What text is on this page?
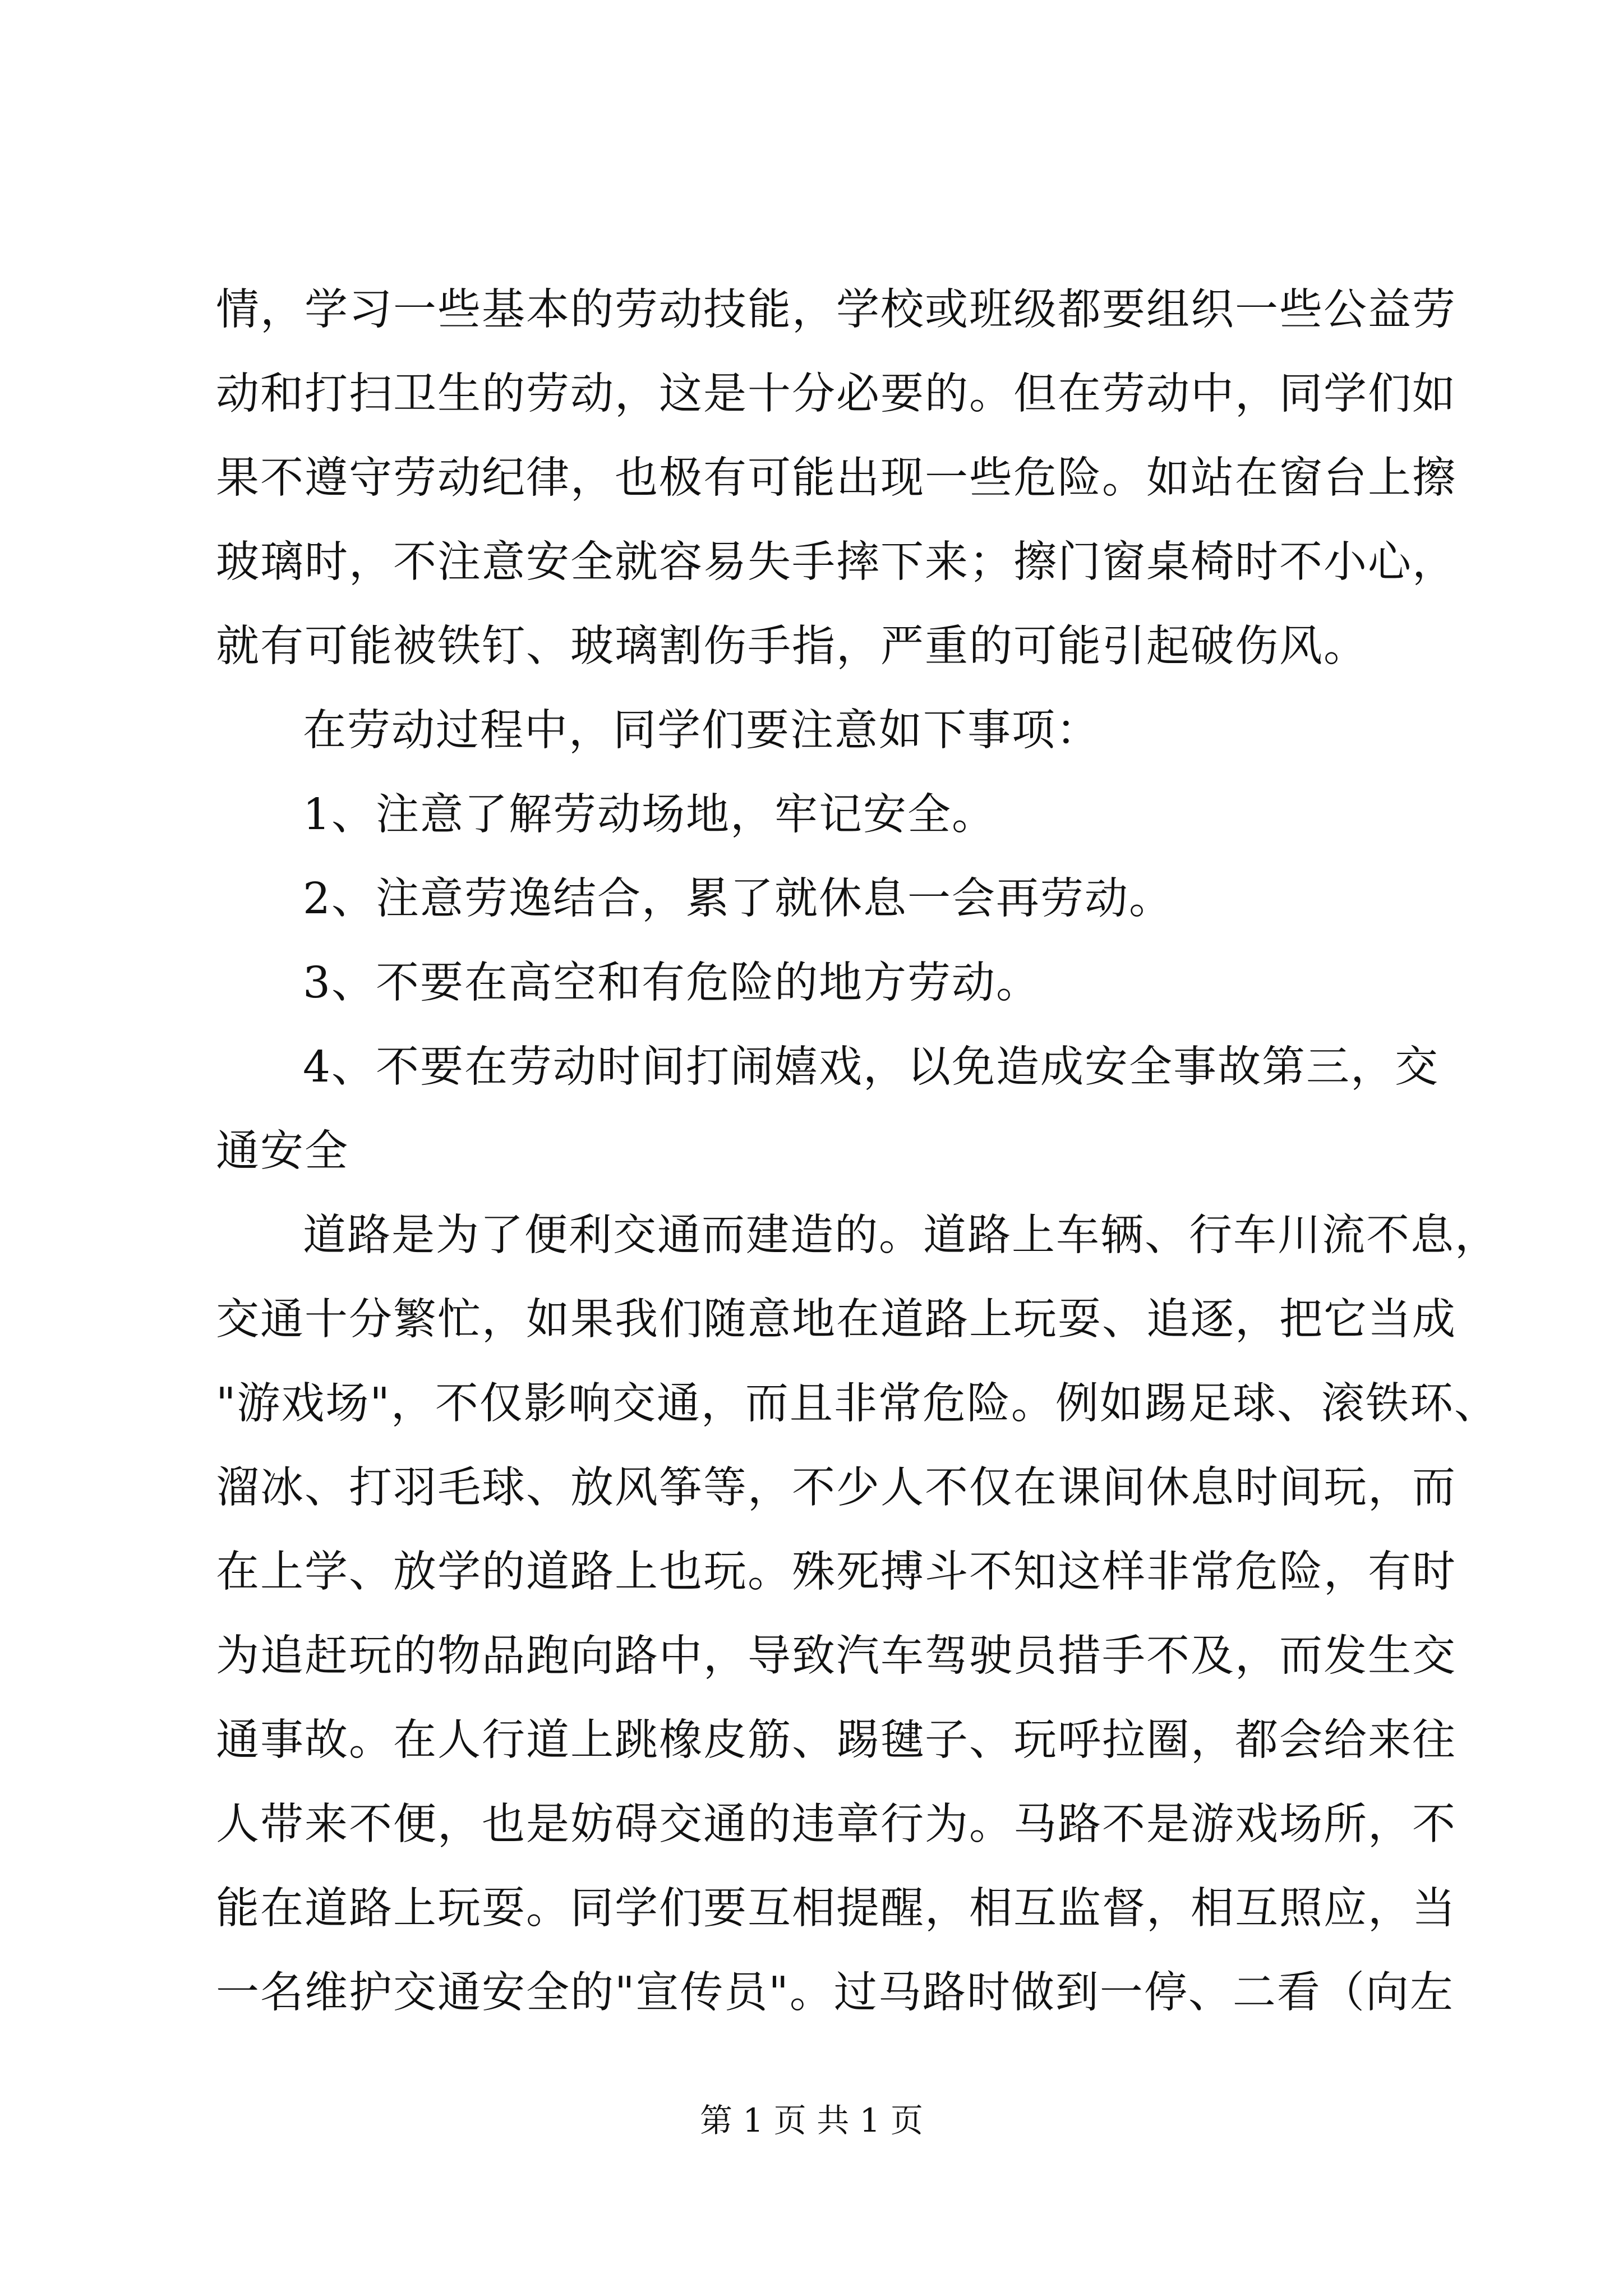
情，学习一些基本的劳动技能，学校或班级都要组织一些公益劳
动和打扫卫生的劳动，这是十分必要的。但在劳动中，同学们如
果不遵守劳动纪律，也极有可能出现一些危险。如站在窗台上擦
玻璃时，不注意安全就容易失手摔下来；擦门窗桌椅时不小心，
就有可能被铁钉、玻璃割伤手指，严重的可能引起破伤风。
在劳动过程中，同学们要注意如下事项：
1、注意了解劳动场地，牢记安全。
2、注意劳逸结合，累了就休息一会再劳动。
3、不要在高空和有危险的地方劳动。
4、不要在劳动时间打闹嬉戏，以免造成安全事故第三，交
通安全
道路是为了便利交通而建造的。道路上车辆、行车川流不息，
交通十分繁忙，如果我们随意地在道路上玩耍、追逐，把它当成
"游戏场"，不仅影响交通，而且非常危险。例如踢足球、滚铁环、
溜冰、打羽毛球、放风筝等，不少人不仅在课间休息时间玩，而
在上学、放学的道路上也玩。殊死搏斗不知这样非常危险，有时
为追赶玩的物品跑向路中，导致汽车驾驶员措手不及，而发生交
通事故。在人行道上跳橡皮筋、踢毽子、玩呼拉圈，都会给来往
人带来不便，也是妨碍交通的违章行为。马路不是游戏场所，不
能在道路上玩耍。同学们要互相提醒，相互监督，相互照应，当
一名维护交通安全的"宣传员"。过马路时做到一停、二看（向左
第 1 页 共 1 页
